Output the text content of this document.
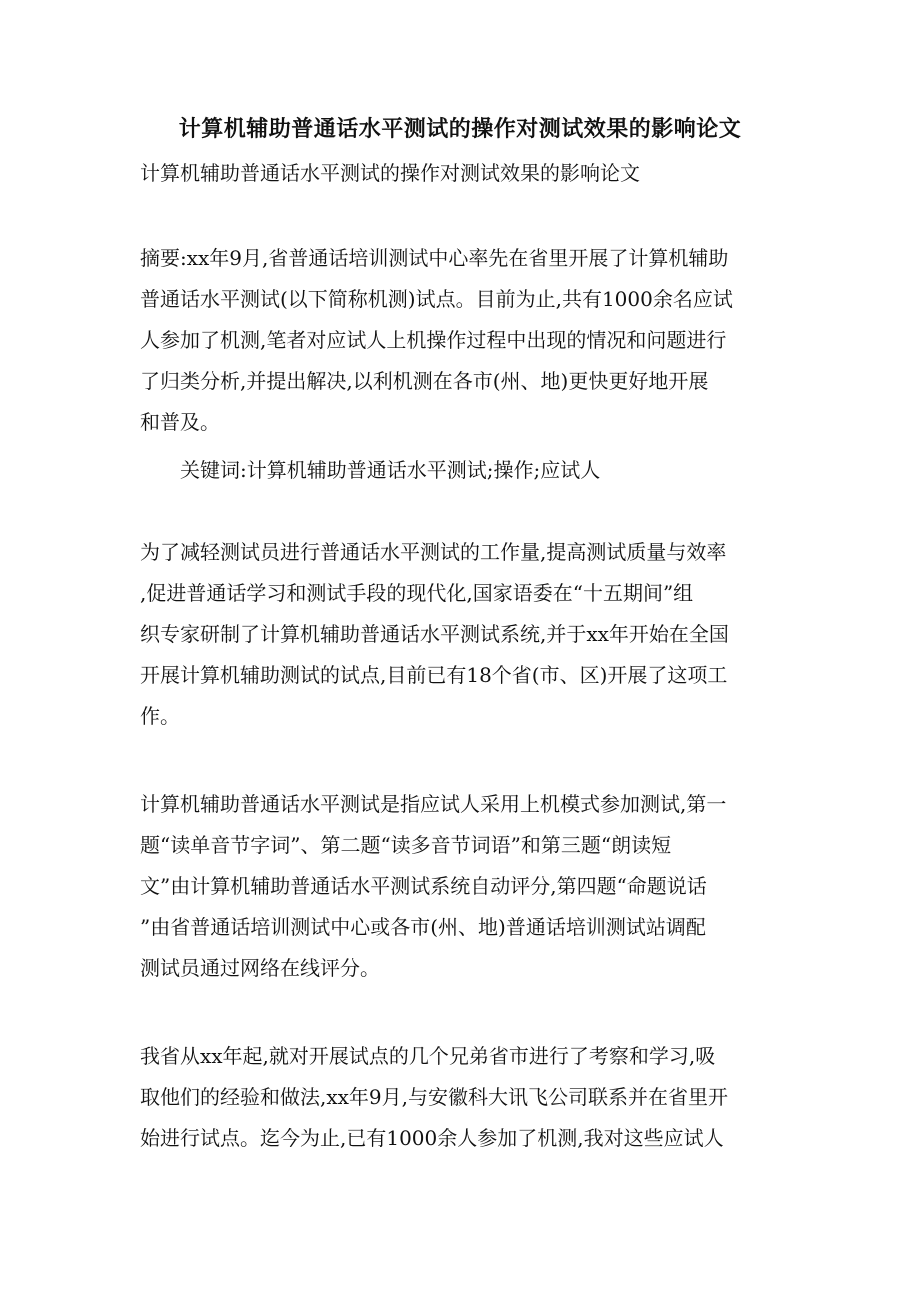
计算机辅助普通话水平测试的操作对测试效果的影响论文
计算机辅助普通话水平测试的操作对测试效果的影响论文

摘要:xx年9月,省普通话培训测试中心率先在省里开展了计算机辅助
普通话水平测试(以下简称机测)试点。目前为止,共有1000余名应试
人参加了机测,笔者对应试人上机操作过程中出现的情况和问题进行
了归类分析,并提出解决,以利机测在各市(州、地)更快更好地开展
和普及。

关键词:计算机辅助普通话水平测试;操作;应试人

为了减轻测试员进行普通话水平测试的工作量,提高测试质量与效率
,促进普通话学习和测试手段的现代化,国家语委在“十五期间”组
织专家研制了计算机辅助普通话水平测试系统,并于xx年开始在全国
开展计算机辅助测试的试点,目前已有18个省(市、区)开展了这项工
作。

计算机辅助普通话水平测试是指应试人采用上机模式参加测试,第一
题“读单音节字词”、第二题“读多音节词语”和第三题“朗读短
文”由计算机辅助普通话水平测试系统自动评分,第四题“命题说话
”由省普通话培训测试中心或各市(州、地)普通话培训测试站调配
测试员通过网络在线评分。

我省从xx年起,就对开展试点的几个兄弟省市进行了考察和学习,吸
取他们的经验和做法,xx年9月,与安徽科大讯飞公司联系并在省里开
始进行试点。迄今为止,已有1000余人参加了机测,我对这些应试人
